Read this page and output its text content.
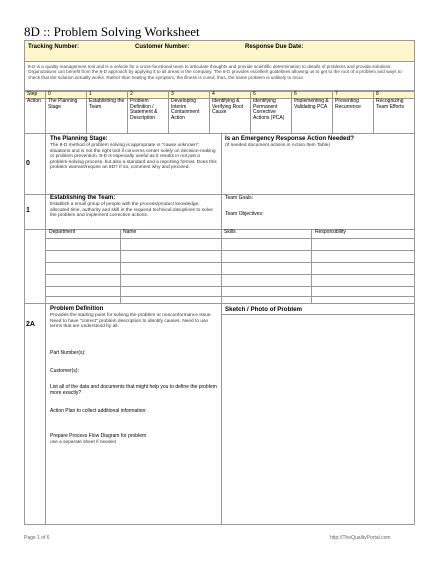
8D :: Problem Solving Worksheet
Tracking Number:	Customer Number:	Response Due Date:
8-D is a quality management tool and is a vehicle for a cross-functional team to articulate thoughts and provide scientific determination to details of problems and provide solutions. Organizations can benefit from the 8-D approach by applying it to all areas in the company. The 8-D provides excellent guidelines allowing us to get to the root of a problem and ways to check that the solution actually works. Rather than healing the symptom, the illness is cured, thus, the same problem is unlikely to recur.
Step	0	1	2	3	4	5	6	7	8
Action	The Planning Stage	Establishing the Team	Problem Definition / Statement & Description	Developing Interim Containment Action	Identifying & Verifying Root Cause	Identifying Permanent Corrective Actions (PCA)	Implementing & Validating PCA	Preventing Recurrence	Recognizing Team Efforts
0
The Planning Stage:
The 8-D method of problem solving is appropriate in "cause unknown" situations and is not the right tool if concerns center solely on decision-making or problem prevention. 8-D is especially useful as it results in not just a problem-solving process, but also a standard and a reporting format. Does this problem warrant/require an 8D? If so, comment why and proceed.
Is an Emergency Response Action Needed?
(If needed document actions in Action Item Table)
1
Establishing the Team:
Establish a small group of people with the process/product knowledge, allocated time, authority and skill in the required technical disciplines to solve the problem and implement corrective actions.
Team Goals:
Team Objectives:
Department	Name	Skills	Responsibility
2A
Problem Definition
Provides the starting point for solving the problem or nonconformance issue. Need to have "correct" problem description to identify causes. Need to use terms that are understood by all.
Sketch / Photo of Problem
Part Number(s):
Customer(s):
List all of the data and documents that might help you to define the problem more exactly?
Action Plan to collect additional information:
Prepare Process Flow Diagram for problem
use a separate sheet if needed
Page 1 of 6	http://TheQualityPortal.com
